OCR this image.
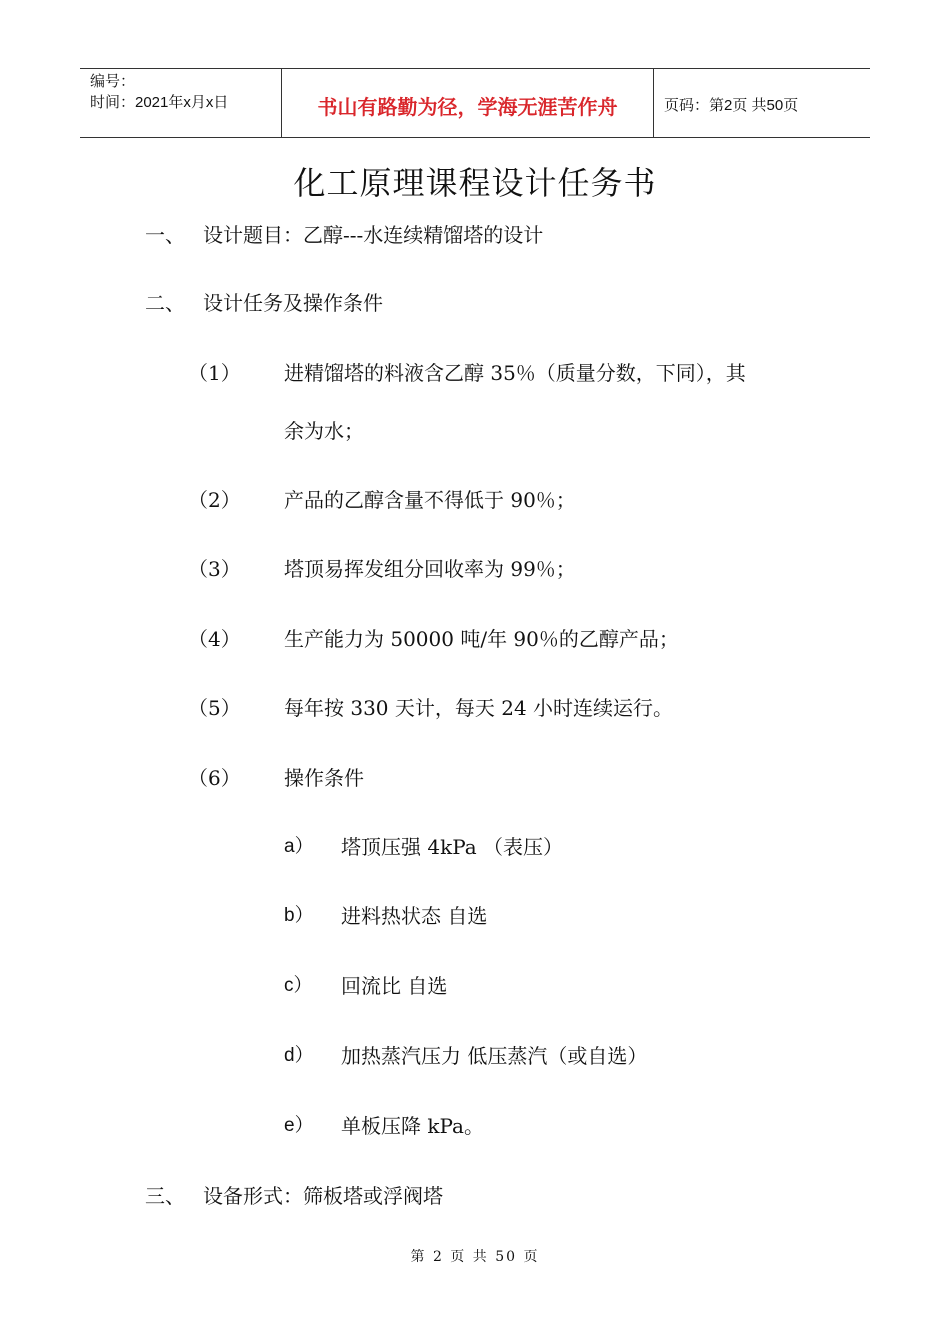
编号：
时间：2021年x月x日	书山有路勤为径，学海无涯苦作舟	页码：第2页 共50页
化工原理课程设计任务书
一、 设计题目：乙醇---水连续精馏塔的设计
二、 设计任务及操作条件
（1） 进精馏塔的料液含乙醇 35％（质量分数，下同），其
余为水；
（2） 产品的乙醇含量不得低于 90％；
（3） 塔顶易挥发组分回收率为 99％；
（4） 生产能力为 50000 吨/年 90％的乙醇产品；
（5） 每年按 330 天计，每天 24 小时连续运行。
（6） 操作条件
a） 塔顶压强 4kPa （表压）
b） 进料热状态 自选
c） 回流比 自选
d） 加热蒸汽压力 低压蒸汽（或自选）
e） 单板压降 kPa。
三、 设备形式：筛板塔或浮阀塔
第 2 页 共 50 页
